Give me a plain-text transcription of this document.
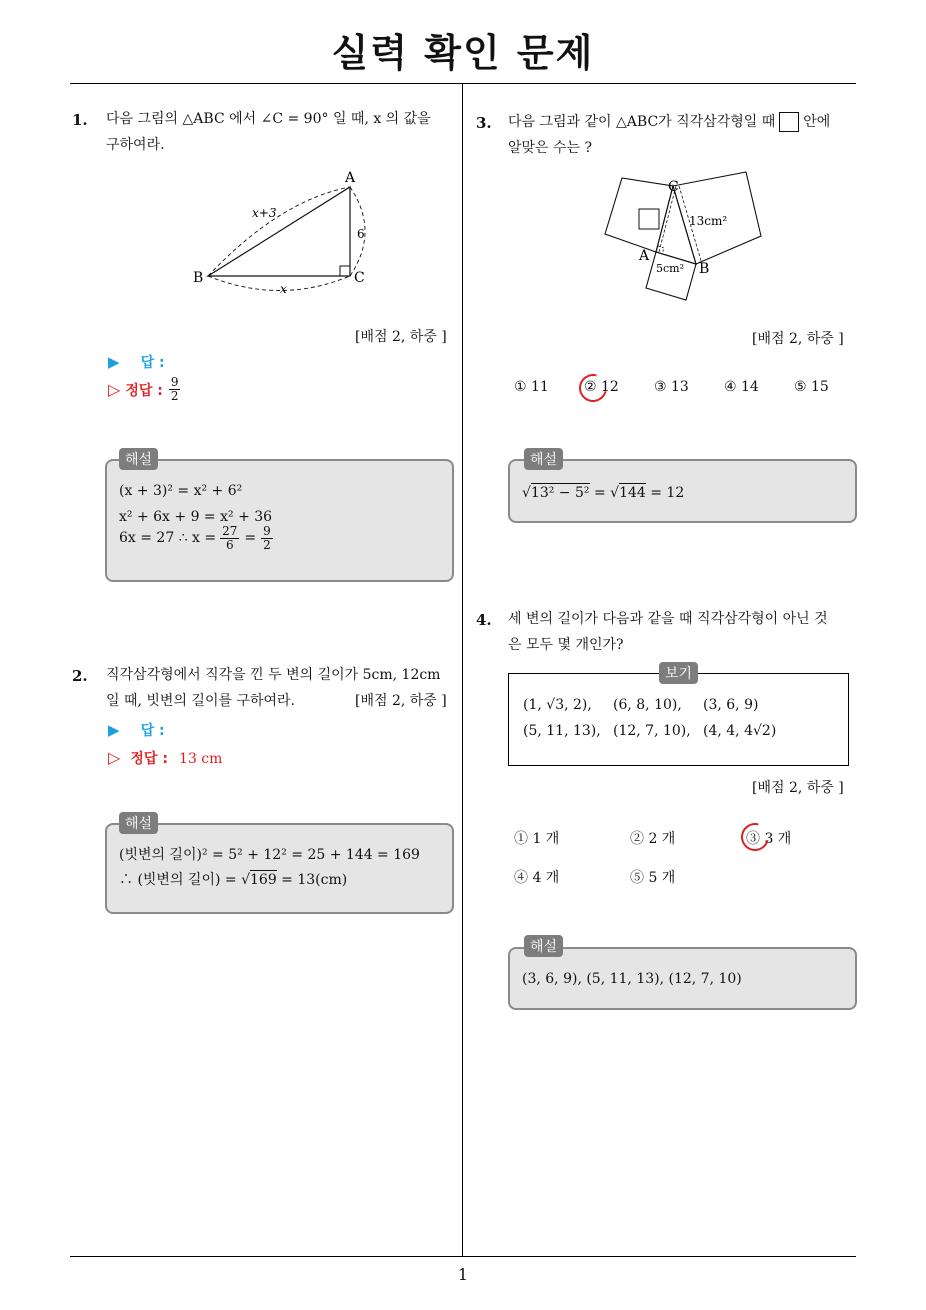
실력 확인 문제
1
1. 다음 그림의 △ABC 에서 ∠C = 90° 일 때, x 의 값을
구하여라.
A
B	C
x+3
6
x
[배점 2, 하중 ]
▶ 답 :
▷ 정답 : $\frac{9}{2}$
(x + 3)² = x² + 6²
x² + 6x + 9 = x² + 36
6x = 27 ∴ $x = \frac{27}{6} = \frac{9}{2}$
해설
2. 직각삼각형에서 직각을 낀 두 변의 길이가 5cm, 12cm
일 때, 빗변의 길이를 구하여라.	[배점 2, 하중 ]
▶ 답 :
▷ 정답 : 13 cm
(빗변의 길이)² = 5² + 12² = 25 + 144 = 169
∴ (빗변의 길이) = √169 = 13(cm)
해설
3. 다음 그림과 같이 △ABC가 직각삼각형일 때 안에
알맞은 수는 ?
C
A
B
13cm²
5cm²
[배점 2, 하중 ]
① 11	② 12	③ 13	④ 14	⑤ 15
√13² − 5² = √144 = 12
해설
4. 세 변의 길이가 다음과 같을 때 직각삼각형이 아닌 것
은 모두 몇 개인가?
(1, √3, 2),	(6, 8, 10),	(3, 6, 9)
(5, 11, 13), (12, 7, 10), (4, 4, 4√2)
보기
[배점 2, 하중 ]
① 1 개	② 2 개	③ 3 개
④ 4 개	⑤ 5 개
(3, 6, 9), (5, 11, 13), (12, 7, 10)
해설
